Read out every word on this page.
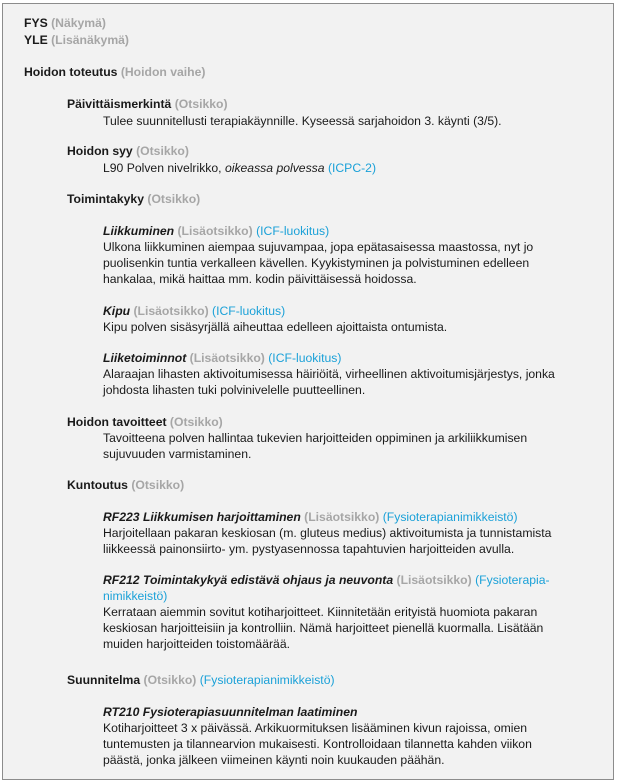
FYS (Näkymä)
YLE (Lisänäkymä)
Hoidon toteutus (Hoidon vaihe)
Päivittäismerkintä (Otsikko)
Tulee suunnitellusti terapiakäynnille. Kyseessä sarjahoidon 3. käynti (3/5).
Hoidon syy (Otsikko)
L90 Polven nivelrikko, oikeassa polvessa (ICPC-2)
Toimintakyky (Otsikko)
Liikkuminen (Lisäotsikko) (ICF-luokitus)
Ulkona liikkuminen aiempaa sujuvampaa, jopa epätasaisessa maastossa, nyt jo
puolisenkin tuntia verkalleen kävellen. Kyykistyminen ja polvistuminen edelleen
hankalaa, mikä haittaa mm. kodin päivittäisessä hoidossa.
Kipu (Lisäotsikko) (ICF-luokitus)
Kipu polven sisäsyrjällä aiheuttaa edelleen ajoittaista ontumista.
Liiketoiminnot (Lisäotsikko) (ICF-luokitus)
Alaraajan lihasten aktivoitumisessa häiriöitä, virheellinen aktivoitumisjärjestys, jonka
johdosta lihasten tuki polvinivelelle puutteellinen.
Hoidon tavoitteet (Otsikko)
Tavoitteena polven hallintaa tukevien harjoitteiden oppiminen ja arkiliikkumisen
sujuvuuden varmistaminen.
Kuntoutus (Otsikko)
RF223 Liikkumisen harjoittaminen (Lisäotsikko) (Fysioterapianimikkeistö)
Harjoitellaan pakaran keskiosan (m. gluteus medius) aktivoitumista ja tunnistamista
liikkeessä painonsiirto- ym. pystyasennossa tapahtuvien harjoitteiden avulla.
RF212 Toimintakykyä edistävä ohjaus ja neuvonta (Lisäotsikko) (Fysioterapia-
nimikkeistö)
Kerrataan aiemmin sovitut kotiharjoitteet. Kiinnitetään erityistä huomiota pakaran
keskiosan harjoitteisiin ja kontrolliin. Nämä harjoitteet pienellä kuormalla. Lisätään
muiden harjoitteiden toistomäärää.
Suunnitelma (Otsikko) (Fysioterapianimikkeistö)
RT210 Fysioterapiasuunnitelman laatiminen
Kotiharjoitteet 3 x päivässä. Arkikuormituksen lisääminen kivun rajoissa, omien
tuntemusten ja tilannearvion mukaisesti. Kontrolloidaan tilannetta kahden viikon
päästä, jonka jälkeen viimeinen käynti noin kuukauden päähän.
